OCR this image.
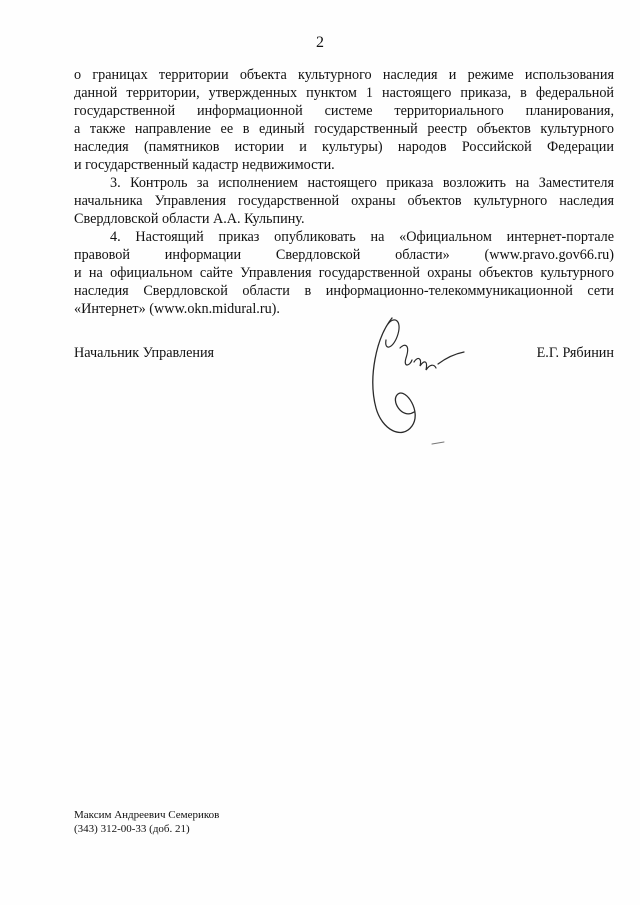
2

о границах территории объекта культурного наследия и режиме использования
данной территории, утвержденных пунктом 1 настоящего приказа, в федеральной
государственной информационной системе территориального планирования,
а также направление ее в единый государственный реестр объектов культурного
наследия (памятников истории и культуры) народов Российской Федерации
и государственный кадастр недвижимости.

3. Контроль за исполнением настоящего приказа возложить на Заместителя
начальника Управления государственной охраны объектов культурного наследия
Свердловской области А.А. Кульпину.

4. Настоящий приказ опубликовать на «Официальном интернет-портале
правовой информации Свердловской области» (www.pravo.gov66.ru)
и на официальном сайте Управления государственной охраны объектов культурного
наследия Свердловской области в информационно-телекоммуникационной сети
«Интернет» (www.okn.midural.ru).

Начальник Управления	Е.Г. Рябинин
Максим Андреевич Семериков
(343) 312-00-33 (доб. 21)
